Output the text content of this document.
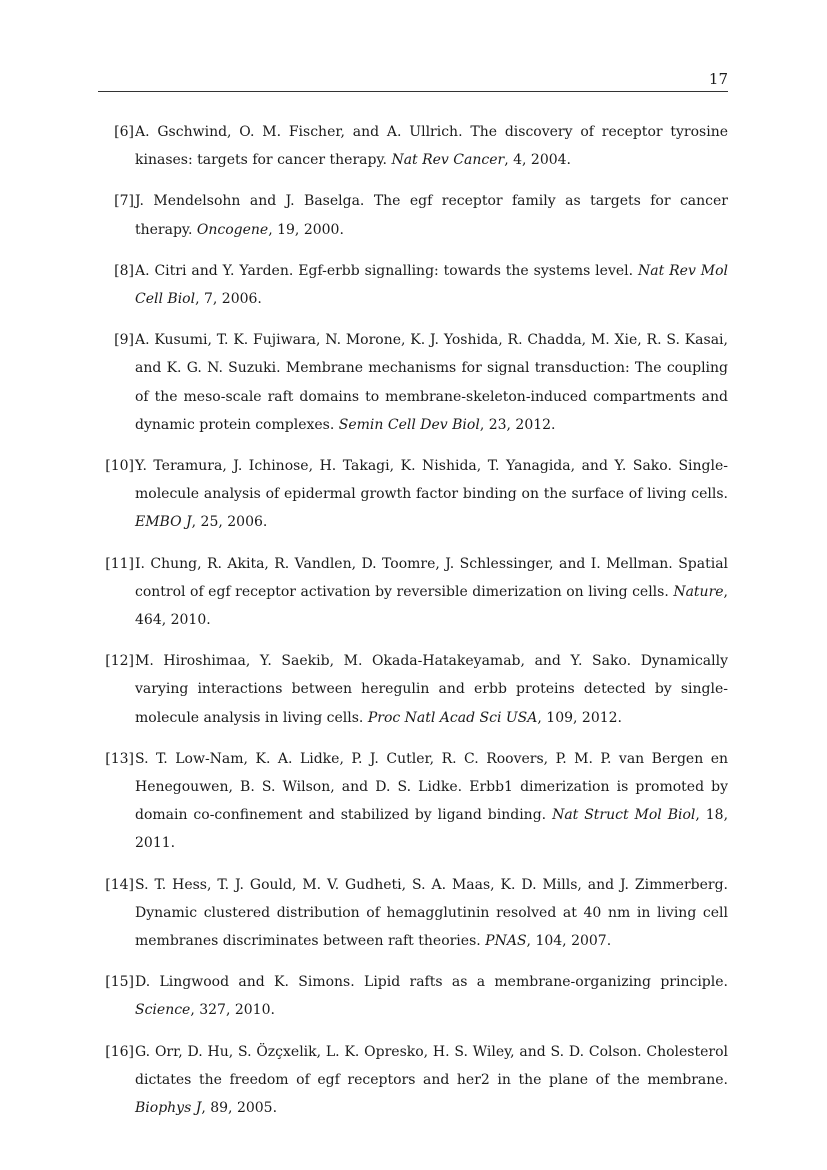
17
[6] A. Gschwind, O. M. Fischer, and A. Ullrich. The discovery of receptor tyrosine kinases: targets for cancer therapy. Nat Rev Cancer, 4, 2004.
[7] J. Mendelsohn and J. Baselga. The egf receptor family as targets for cancer therapy. Oncogene, 19, 2000.
[8] A. Citri and Y. Yarden. Egf-erbb signalling: towards the systems level. Nat Rev Mol Cell Biol, 7, 2006.
[9] A. Kusumi, T. K. Fujiwara, N. Morone, K. J. Yoshida, R. Chadda, M. Xie, R. S. Kasai, and K. G. N. Suzuki. Membrane mechanisms for signal transduction: The coupling of the meso-scale raft domains to membrane-skeleton-induced compartments and dynamic protein complexes. Semin Cell Dev Biol, 23, 2012.
[10] Y. Teramura, J. Ichinose, H. Takagi, K. Nishida, T. Yanagida, and Y. Sako. Single-molecule analysis of epidermal growth factor binding on the surface of living cells. EMBO J, 25, 2006.
[11] I. Chung, R. Akita, R. Vandlen, D. Toomre, J. Schlessinger, and I. Mellman. Spatial control of egf receptor activation by reversible dimerization on living cells. Nature, 464, 2010.
[12] M. Hiroshimaa, Y. Saekib, M. Okada-Hatakeyamab, and Y. Sako. Dynamically varying interactions between heregulin and erbb proteins detected by single-molecule analysis in living cells. Proc Natl Acad Sci USA, 109, 2012.
[13] S. T. Low-Nam, K. A. Lidke, P. J. Cutler, R. C. Roovers, P. M. P. van Bergen en Henegouwen, B. S. Wilson, and D. S. Lidke. Erbb1 dimerization is promoted by domain co-confinement and stabilized by ligand binding. Nat Struct Mol Biol, 18, 2011.
[14] S. T. Hess, T. J. Gould, M. V. Gudheti, S. A. Maas, K. D. Mills, and J. Zimmerberg. Dynamic clustered distribution of hemagglutinin resolved at 40 nm in living cell membranes discriminates between raft theories. PNAS, 104, 2007.
[15] D. Lingwood and K. Simons. Lipid rafts as a membrane-organizing principle. Science, 327, 2010.
[16] G. Orr, D. Hu, S. Özçxelik, L. K. Opresko, H. S. Wiley, and S. D. Colson. Cholesterol dictates the freedom of egf receptors and her2 in the plane of the membrane. Biophys J, 89, 2005.
